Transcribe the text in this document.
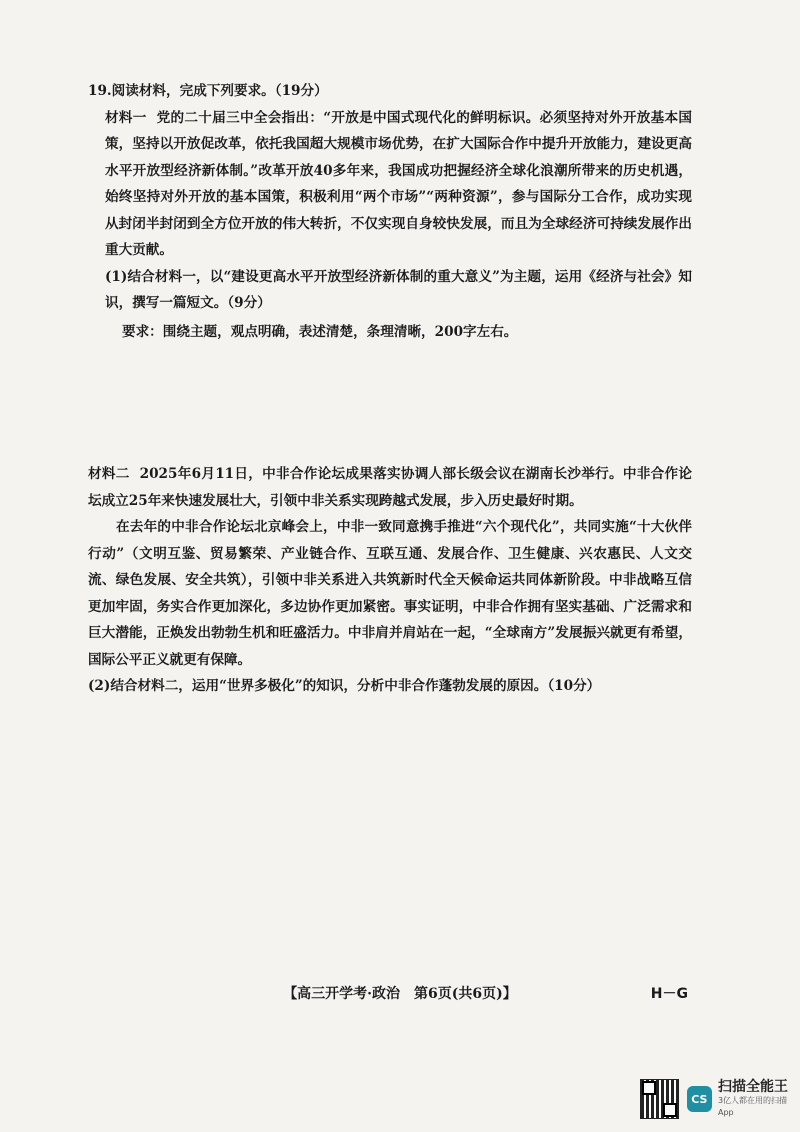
19.阅读材料，完成下列要求。（19分）

材料一 党的二十届三中全会指出：“开放是中国式现代化的鲜明标识。必须坚持对外开放基本国策，坚持以开放促改革，依托我国超大规模市场优势，在扩大国际合作中提升开放能力，建设更高水平开放型经济新体制。”改革开放40多年来，我国成功把握经济全球化浪潮所带来的历史机遇，始终坚持对外开放的基本国策，积极利用“两个市场”“两种资源”，参与国际分工合作，成功实现从封闭半封闭到全方位开放的伟大转折，不仅实现自身较快发展，而且为全球经济可持续发展作出重大贡献。

(1)结合材料一，以“建设更高水平开放型经济新体制的重大意义”为主题，运用《经济与社会》知识，撰写一篇短文。（9分）

要求：围绕主题，观点明确，表述清楚，条理清晰，200字左右。

材料二 2025年6月11日，中非合作论坛成果落实协调人部长级会议在湖南长沙举行。中非合作论坛成立25年来快速发展壮大，引领中非关系实现跨越式发展，步入历史最好时期。

在去年的中非合作论坛北京峰会上，中非一致同意携手推进“六个现代化”，共同实施“十大伙伴行动”（文明互鉴、贸易繁荣、产业链合作、互联互通、发展合作、卫生健康、兴农惠民、人文交流、绿色发展、安全共筑），引领中非关系进入共筑新时代全天候命运共同体新阶段。中非战略互信更加牢固，务实合作更加深化，多边协作更加紧密。事实证明，中非合作拥有坚实基础、广泛需求和巨大潜能，正焕发出勃勃生机和旺盛活力。中非肩并肩站在一起，“全球南方”发展振兴就更有希望，国际公平正义就更有保障。

(2)结合材料二，运用“世界多极化”的知识，分析中非合作蓬勃发展的原因。（10分）

【高三开学考·政治　第6页(共6页)】	H－G
CS
扫描全能王
3亿人都在用的扫描App
